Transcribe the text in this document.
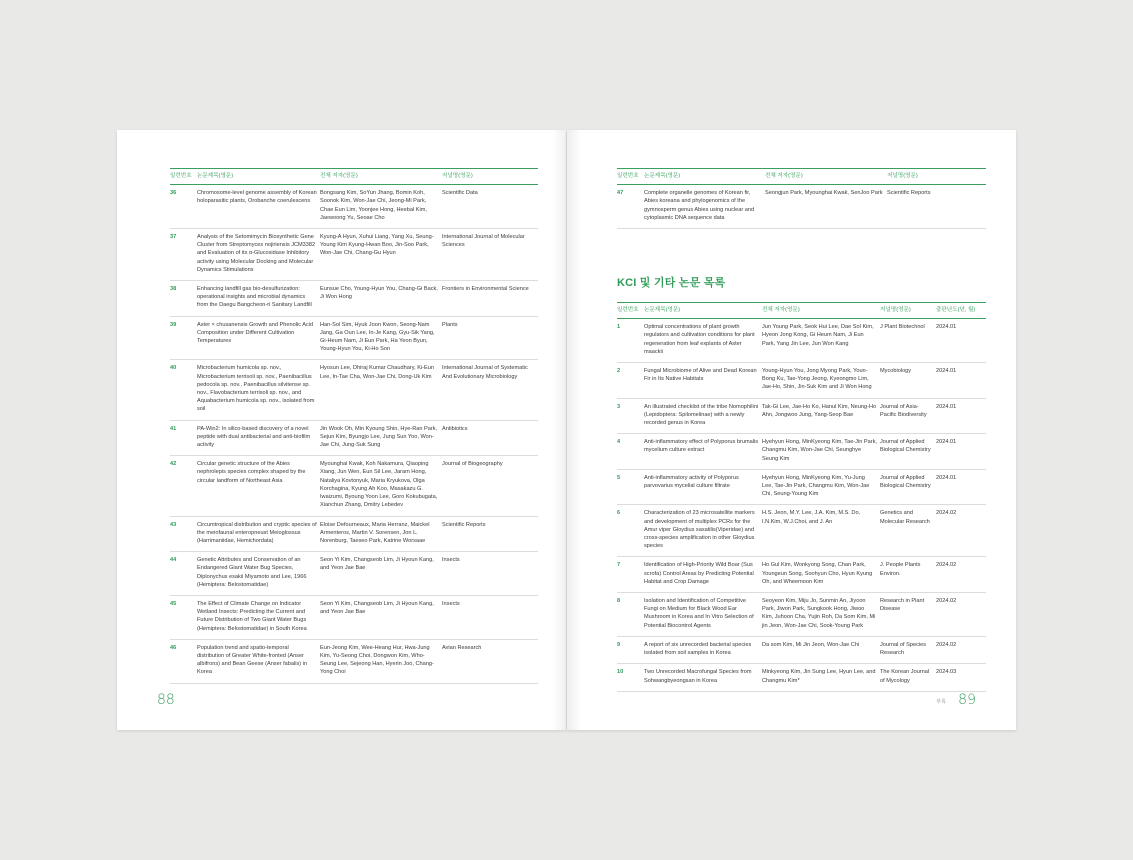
일련번호	논문제목(영문)	전체 저자(영문)	저널명(영문)
36	Chromosome-level genome assembly of Korean holoparasitic plants, Orobanche coerulescens	Bongsang Kim, SoYun Jhang, Bomin Koh, Soonok Kim, Won-Jae Chi, Jeong-Mi Park, Chae Eun Lim, Yoonjee Hong, Heebal Kim, Jaewoong Yu, Seoae Cho	Scientific Data
37	Analysis of the Setomimycin Biosynthetic Gene Cluster from Streptomyces nojiriensis JCM3382 and Evaluation of its α-Glucosidase Inhibitory activity using Molecular Docking and Molecular Dynamics Stimulations	Kyung-A Hyun, Xuhui Liang, Yang Xu, Seung-Young Kim Kyung-Hwan Boo, Jin-Soo Park, Won-Jae Chi, Chang-Gu Hyun	International Journal of Molecular Sciences
38	Enhancing landfill gas bio-desulfurization: operational insights and microbial dynamics from the Daegu Bangcheon-ri Sanitary Landfill	Eunsue Cho, Young-Hyun You, Chang-Gi Back, Ji Won Hong	Frontiers in Environmental Science
39	Aster × chusanensis Growth and Phenolic Acid Composition under Different Cultivation Temperatures	Han-Sol Sim, Hyuk Joon Kwon, Seong-Nam Jang, Ga Oun Lee, In-Je Kang, Gyu-Sik Yang, Gi-Heum Nam, Ji Eun Park, Ha Yeon Byun, Young-Hyun You, Ki-Ho Son	Plants
40	Microbacterium humicola sp. nov., Microbacterium terrisoli sp. nov., Paenibacillus pedocola sp. nov., Paenibacillus silvitense sp. nov., Flavobacterium terrisoli sp. nov., and Aquabacterium humicola sp. nov., isolated from soil	Hyosun Lee, Dhiraj Kumar Chaudhary, Ki-Eun Lee, In-Tae Cha, Won-Jae Chi, Dong-Uk Kim	International Journal of Systematic And Evolutionary Microbiology
41	PA-Win2: In silico-based discovery of a novel peptide with dual antibacterial and anti-biofilm activity	Jin Wook Oh, Min Kyoung Shin, Hye-Ran Park, Sejun Kim, Byungjo Lee, Jung Sun Yoo, Won-Jae Chi, Jung-Suk Sung	Antibiotics
42	Circular genetic structure of the Abies nephrolepis species complex shaped by the circular landform of Northeast Asia	Myounghai Kwak, Koh Nakamura, Qiaoping Xiang, Jun Wen, Eun Sil Lee, Jaram Hong, Nataliya Kovtonyuk, Maria Kryukova, Olga Korchagina, Kyung Ah Koo, Masakazu G. Iwaizumi, Byoung Yoon Lee, Goro Kokubugata, Xianchun Zhang, Dmitry Lebedev	Journal of Biogeography
43	Circumtropical distribution and cryptic species of the meiofaunal enteropneust Meioglossus (Harrimaniidae, Hemichordata)	Eloise Defourneaux, Maria Herranz, Maickel Armenteros, Martin V. Sorensen, Jon L. Norenburg, Taeseo Park, Katrine Worsaae	Scientific Reports
44	Genetic Attributes and Conservation of an Endangered Giant Water Bug Species, Diplonychus esakii Miyamoto and Lee, 1966 (Hemiptera: Belostomatidae)	Seon Yi Kim, Changseob Lim, Ji Hyoun Kang, and Yeon Jae Bae	Insects
45	The Effect of Climate Change on Indicator Wetland Insects: Predicting the Current and Future Distribution of Two Giant Water Bugs (Hemiptera: Belostomatidae) in South Korea	Seon Yi Kim, Changseob Lim, Ji Hyoun Kang, and Yeon Jae Bae	Insects
46	Population trend and spatio-temporal distribution of Greater White-fronted (Anser albifrons) and Bean Geese (Anser fabalis) in Korea	Eun-Jeong Kim, Wee-Heang Hur, Hwa-Jung Kim, Yu-Seong Choi, Dongwon Kim, Who-Seung Lee, Sejeong Han, Hyerin Joo, Chang-Yong Choi	Avian Research
88
일련번호	논문제목(영문)	전체 저자(영문)	저널명(영문)
47	Complete organelle genomes of Korean fir, Abies koreana and phylogenomics of the gymnosperm genus Abies using nuclear and cytoplasmic DNA sequence data	Seongjun Park, Myounghai Kwak, SenJoo Park	Scientific Reports
KCI 및 기타 논문 목록
일련번호	논문제목(영문)	전체 저자(영문)	저널명(영문)	출판년도(년, 월)
1	Optimal concentrations of plant growth regulators and cultivation conditions for plant regeneration from leaf explants of Aster maackii	Jun Young Park, Seok Hui Lee, Dae Sol Kim, Hyeon Jong Kong, Gi Heum Nam, Ji Eun Park, Yang Jin Lee, Jun Won Kang	J Plant Biotechnol	2024.01
2	Fungal Microbiome of Alive and Dead Korean Fir in Its Native Habitats	Young-Hyun You, Jong Myong Park, Youn-Bong Ku, Tae-Yong Jeong, Kyeongmo Lim, Jae-Ho, Shin, Jin-Suk Kim and Ji Won Hong	Mycobiology	2024.01
3	An illustrated checklist of the tribe Nomophilini (Lepidoptera: Spilomelinae) with a newly recorded genus in Korea	Tak-Gi Lee, Jae-Ho Ko, Hanul Kim, Neung-Ho Ahn, Jongwoo Jung, Yang-Seop Bae	Journal of Asia-Pacific Biodiversity	2024.01
4	Anti-inflammatory effect of Polyporus brumalis mycelium culture extract	Hyehyun Hong, MinKyeong Kim, Tae-Jin Park, Changmu Kim, Won-Jae Chi, Seunghye Seung Kim	Journal of Applied Biological Chemistry	2024.01
5	Anti-inflammatory activity of Polyporus parvovarius mycelial culture filtrate	Hyehyun Hong, MinKyeong Kim, Yu-Jung Lee, Tae-Jin Park, Changmu Kim, Won-Jae Chi, Seung-Young Kim	Journal of Applied Biological Chemistry	2024.01
6	Characterization of 23 microsatellite markers and development of multiplex PCRs for the Amur viper Gloydius saxatilis(Viperidae) and cross-species amplification in other Gloydius species	H.S. Jeon, M.Y. Lee, J.A. Kim, M.S. Do, I.N.Kim, W.J.Choi, and J. An	Genetics and Molecular Research	2024.02
7	Identification of High-Priority Wild Boar (Sus scrofa) Control Areas by Predicting Potential Habitat and Crop Damage	Ho Gul Kim, Wonkyong Song, Chan Park, Youngeun Song, Soohyun Cho, Hyun Kyung Oh, and Wheemoon Kim	J. People Plants Environ.	2024.02
8	Isolation and Identification of Competitive Fungi on Medium for Black Wood Ear Mushroom in Korea and In Vitro Selection of Potential Biocontrol Agents	Seoyeon Kim, Miju Jo, Sunmin An, Jiyoon Park, Jiwon Park, Sungkook Hong, Jiwoo Kim, Juhoon Cha, Yujin Roh, Da Som Kim, Mi jin Jeon, Won-Jae Chi, Sook-Young Park	Research in Plant Disease	2024.02
9	A report of six unrecorded bacterial species isolated from soil samples in Korea	Da som Kim, Mi Jin Jeon, Won-Jae Chi	Journal of Species Research	2024.02
10	Two Unrecorded Macrofungal Species from Sohwangbyeongsan in Korea	Minkyeong Kim, Jin Sung Lee, Hyun Lee, and Changmu Kim*	The Korean Journal of Mycology	2024.03
부록 89
